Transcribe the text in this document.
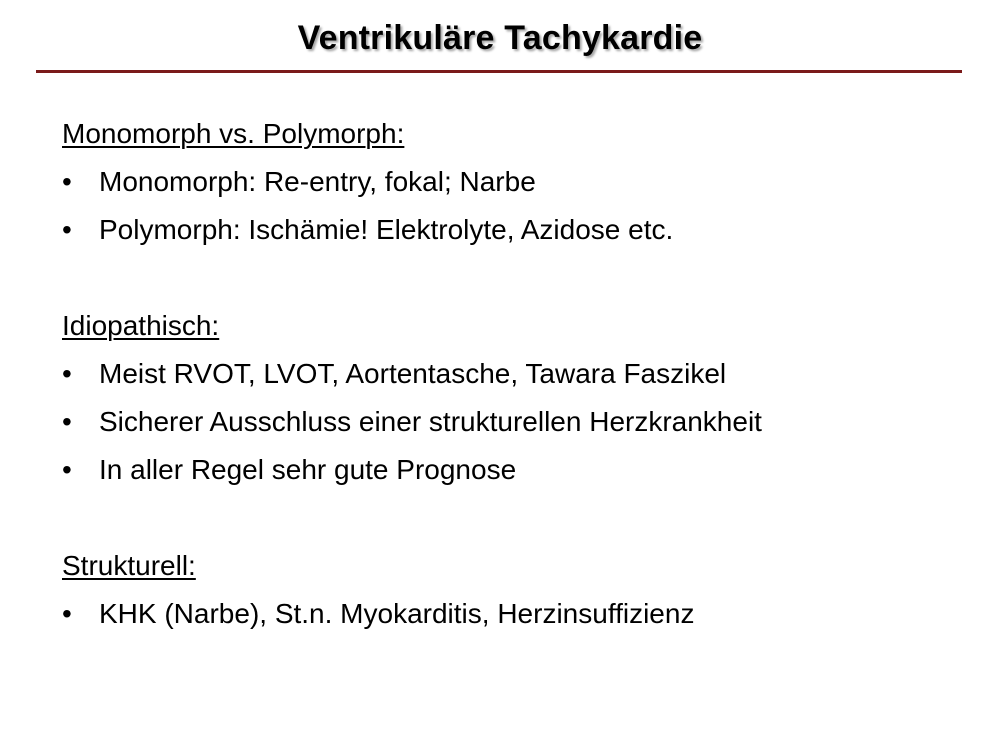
Ventrikuläre Tachykardie
Monomorph vs. Polymorph:
• Monomorph: Re-entry, fokal; Narbe
• Polymorph: Ischämie! Elektrolyte, Azidose etc.
Idiopathisch:
• Meist RVOT, LVOT, Aortentasche, Tawara Faszikel
• Sicherer Ausschluss einer strukturellen Herzkrankheit
• In aller Regel sehr gute Prognose
Strukturell:
• KHK (Narbe), St.n. Myokarditis, Herzinsuffizienz
